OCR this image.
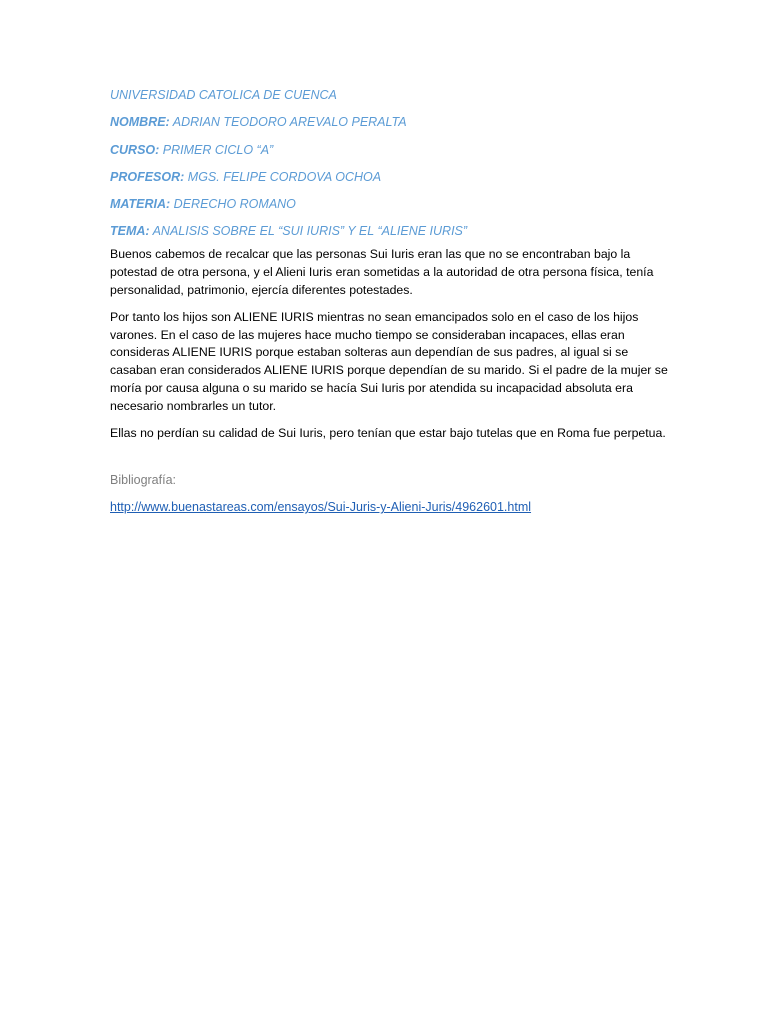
UNIVERSIDAD CATOLICA DE CUENCA
NOMBRE: ADRIAN TEODORO AREVALO PERALTA
CURSO: PRIMER CICLO “A”
PROFESOR: MGS. FELIPE CORDOVA OCHOA
MATERIA: DERECHO ROMANO
TEMA: ANALISIS SOBRE EL “SUI IURIS” Y EL “ALIENE IURIS”

Buenos cabemos de recalcar que las personas Sui Iuris eran las que no se encontraban bajo la potestad de otra persona, y el Alieni Iuris eran sometidas a la autoridad de otra persona física, tenía personalidad, patrimonio, ejercía diferentes potestades.

Por tanto los hijos son ALIENE IURIS mientras no sean emancipados solo en el caso de los hijos varones. En el caso de las mujeres hace mucho tiempo se consideraban incapaces, ellas eran consideras ALIENE IURIS porque estaban solteras aun dependían de sus padres, al igual si se casaban eran considerados ALIENE IURIS porque dependían de su marido. Si el padre de la mujer se moría por causa alguna o su marido se hacía Sui Iuris por atendida su incapacidad absoluta era necesario nombrarles un tutor.

Ellas no perdían su calidad de Sui Iuris, pero tenían que estar bajo tutelas que en Roma fue perpetua.

Bibliografía:
http://www.buenastareas.com/ensayos/Sui-Juris-y-Alieni-Juris/4962601.html
